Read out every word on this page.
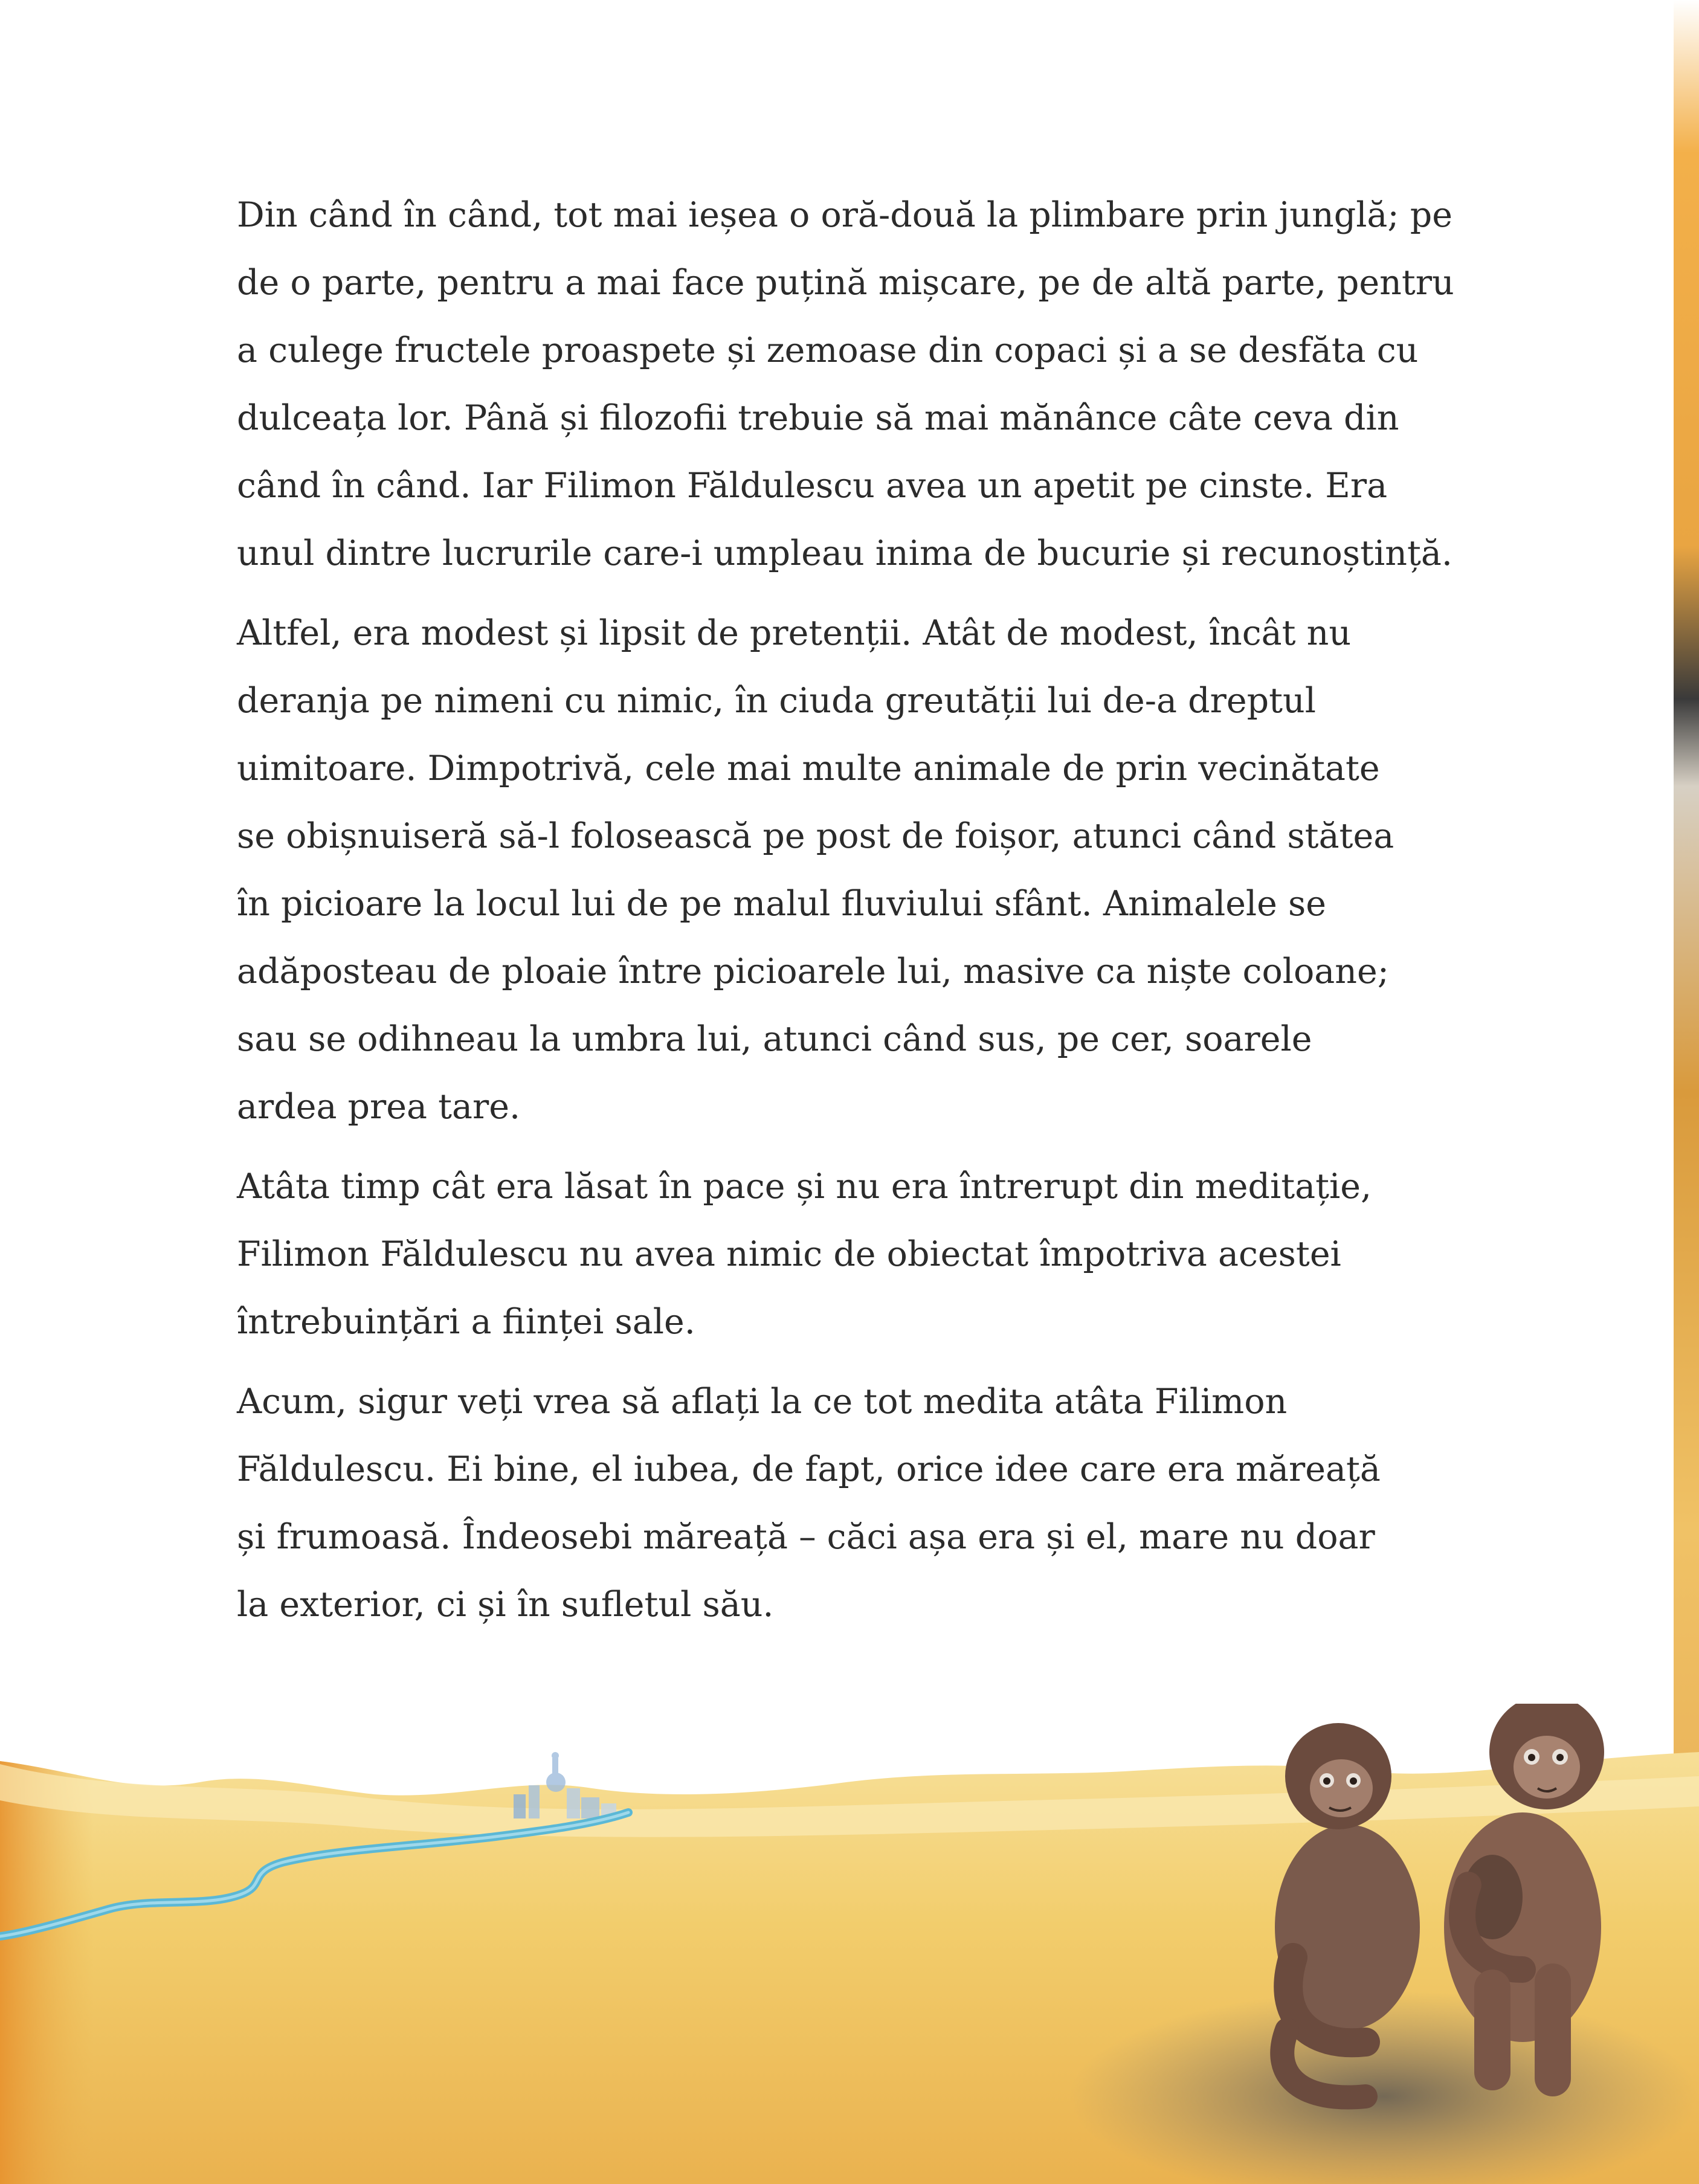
Din când în când, tot mai ieșea o oră-două la plimbare prin junglă; pe
de o parte, pentru a mai face puțină mișcare, pe de altă parte, pentru
a culege fructele proaspete și zemoase din copaci și a se desfăta cu
dulceața lor. Până și filozofii trebuie să mai mănânce câte ceva din
când în când. Iar Filimon Făldulescu avea un apetit pe cinste. Era
unul dintre lucrurile care-i umpleau inima de bucurie și recunoștință.

Altfel, era modest și lipsit de pretenții. Atât de modest, încât nu
deranja pe nimeni cu nimic, în ciuda greutății lui de-a dreptul
uimitoare. Dimpotrivă, cele mai multe animale de prin vecinătate
se obișnuiseră să-l folosească pe post de foișor, atunci când stătea
în picioare la locul lui de pe malul fluviului sfânt. Animalele se
adăposteau de ploaie între picioarele lui, masive ca niște coloane;
sau se odihneau la umbra lui, atunci când sus, pe cer, soarele
ardea prea tare.

Atâta timp cât era lăsat în pace și nu era întrerupt din meditație,
Filimon Făldulescu nu avea nimic de obiectat împotriva acestei
întrebuințări a ființei sale.

Acum, sigur veți vrea să aflați la ce tot medita atâta Filimon
Făldulescu. Ei bine, el iubea, de fapt, orice idee care era măreață
și frumoasă. Îndeosebi măreață – căci așa era și el, mare nu doar
la exterior, ci și în sufletul său.
